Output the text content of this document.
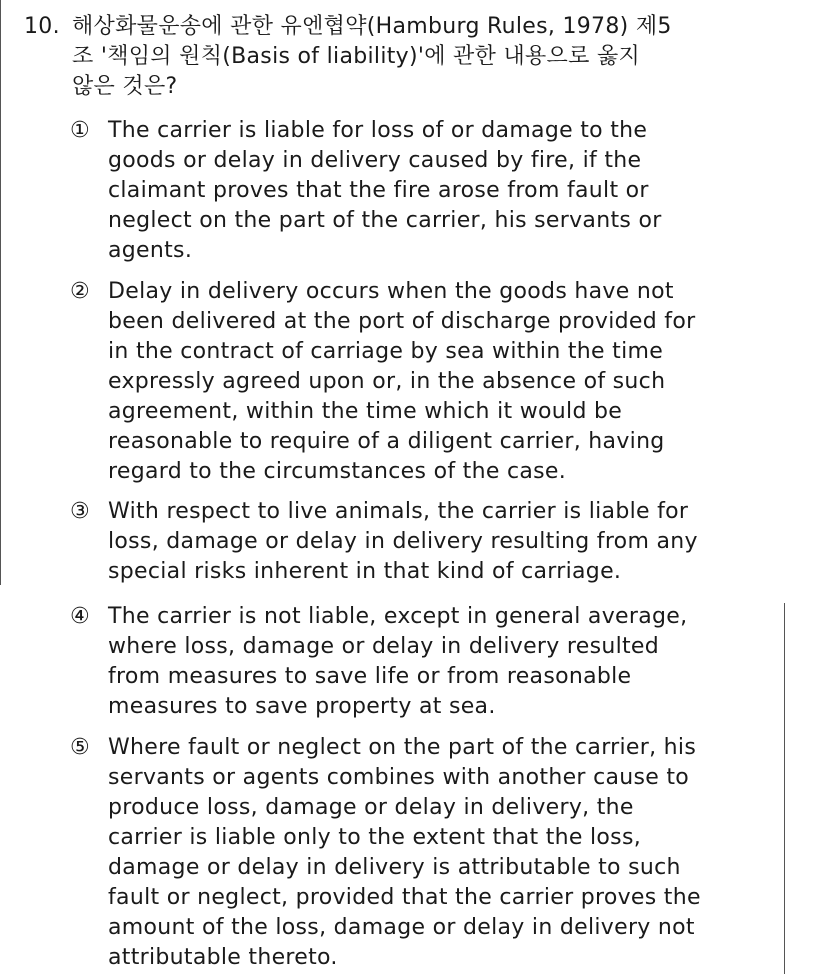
10. 해상화물운송에 관한 유엔협약(Hamburg Rules, 1978) 제5
조 '책임의 원칙(Basis of liability)'에 관한 내용으로 옳지
않은 것은?
① The carrier is liable for loss of or damage to the
goods or delay in delivery caused by fire, if the
claimant proves that the fire arose from fault or
neglect on the part of the carrier, his servants or
agents.
② Delay in delivery occurs when the goods have not
been delivered at the port of discharge provided for
in the contract of carriage by sea within the time
expressly agreed upon or, in the absence of such
agreement, within the time which it would be
reasonable to require of a diligent carrier, having
regard to the circumstances of the case.
③ With respect to live animals, the carrier is liable for
loss, damage or delay in delivery resulting from any
special risks inherent in that kind of carriage.
④ The carrier is not liable, except in general average,
where loss, damage or delay in delivery resulted
from measures to save life or from reasonable
measures to save property at sea.
⑤ Where fault or neglect on the part of the carrier, his
servants or agents combines with another cause to
produce loss, damage or delay in delivery, the
carrier is liable only to the extent that the loss,
damage or delay in delivery is attributable to such
fault or neglect, provided that the carrier proves the
amount of the loss, damage or delay in delivery not
attributable thereto.
